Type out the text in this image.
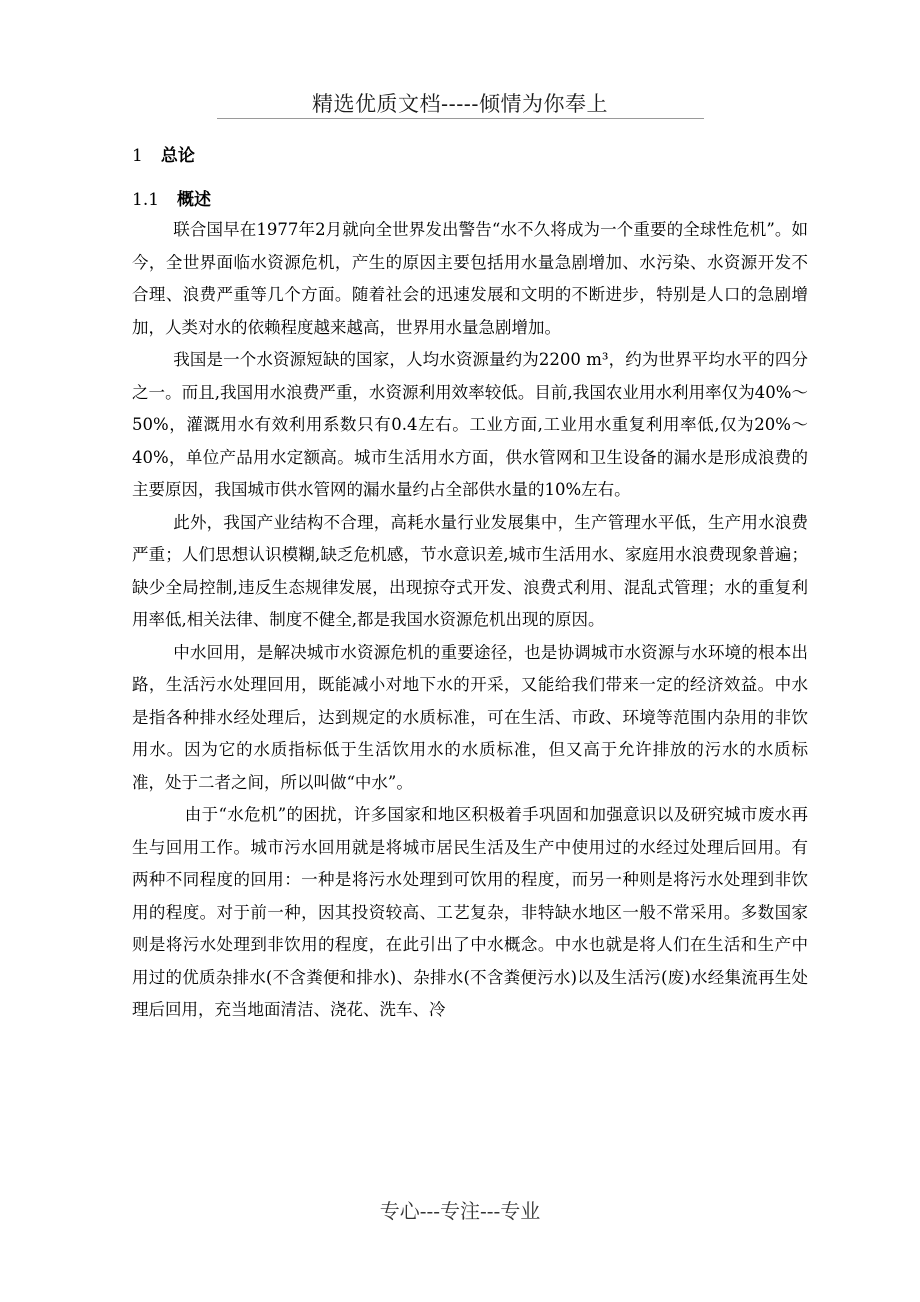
精选优质文档-----倾情为你奉上
1 总论
1.1 概述

联合国早在1977年2月就向全世界发出警告“水不久将成为一个重要的全球性危机”。如今，全世界面临水资源危机，产生的原因主要包括用水量急剧增加、水污染、水资源开发不合理、浪费严重等几个方面。随着社会的迅速发展和文明的不断进步，特别是人口的急剧增加，人类对水的依赖程度越来越高，世界用水量急剧增加。

我国是一个水资源短缺的国家，人均水资源量约为2200 m³，约为世界平均水平的四分之一。而且,我国用水浪费严重，水资源利用效率较低。目前,我国农业用水利用率仅为40%～50%，灌溉用水有效利用系数只有0.4左右。工业方面,工业用水重复利用率低,仅为20%～40%，单位产品用水定额高。城市生活用水方面，供水管网和卫生设备的漏水是形成浪费的主要原因，我国城市供水管网的漏水量约占全部供水量的10%左右。

此外，我国产业结构不合理，高耗水量行业发展集中，生产管理水平低，生产用水浪费严重；人们思想认识模糊,缺乏危机感，节水意识差,城市生活用水、家庭用水浪费现象普遍；缺少全局控制,违反生态规律发展，出现掠夺式开发、浪费式利用、混乱式管理；水的重复利用率低,相关法律、制度不健全,都是我国水资源危机出现的原因。

中水回用，是解决城市水资源危机的重要途径，也是协调城市水资源与水环境的根本出路，生活污水处理回用，既能减小对地下水的开采，又能给我们带来一定的经济效益。中水是指各种排水经处理后，达到规定的水质标准，可在生活、市政、环境等范围内杂用的非饮用水。因为它的水质指标低于生活饮用水的水质标准，但又高于允许排放的污水的水质标准，处于二者之间，所以叫做“中水”。

由于“水危机”的困扰，许多国家和地区积极着手巩固和加强意识以及研究城市废水再生与回用工作。城市污水回用就是将城市居民生活及生产中使用过的水经过处理后回用。有两种不同程度的回用：一种是将污水处理到可饮用的程度，而另一种则是将污水处理到非饮用的程度。对于前一种，因其投资较高、工艺复杂，非特缺水地区一般不常采用。多数国家则是将污水处理到非饮用的程度，在此引出了中水概念。中水也就是将人们在生活和生产中用过的优质杂排水(不含粪便和排水)、杂排水(不含粪便污水)以及生活污(废)水经集流再生处理后回用，充当地面清洁、浇花、洗车、冷

专心---专注---专业
